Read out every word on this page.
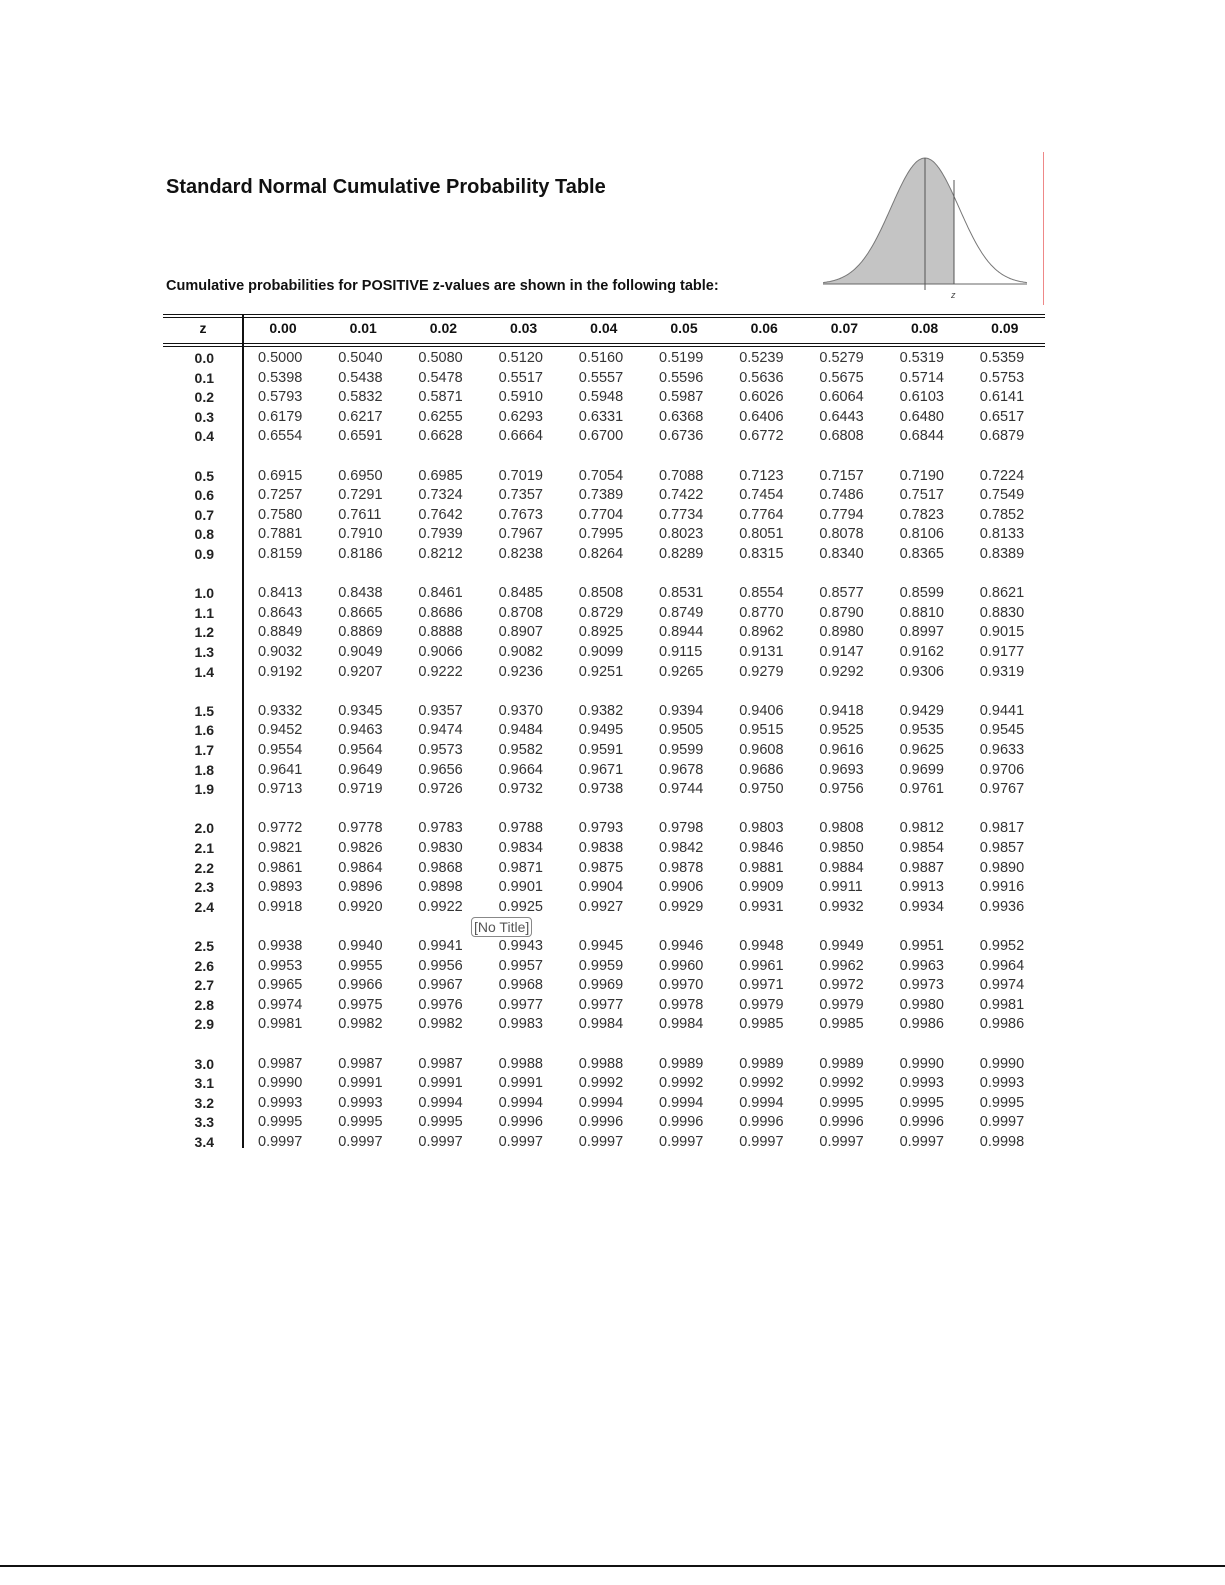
Standard Normal Cumulative Probability Table
Cumulative probabilities for POSITIVE z-values are shown in the following table:
z
z	0.00	0.01	0.02	0.03	0.04	0.05	0.06	0.07	0.08	0.09
0.0	0.5000 0.5040 0.5080 0.5120 0.5160 0.5199 0.5239 0.5279 0.5319 0.5359
0.1	0.5398 0.5438 0.5478 0.5517 0.5557 0.5596 0.5636 0.5675 0.5714 0.5753
0.2	0.5793 0.5832 0.5871 0.5910 0.5948 0.5987 0.6026 0.6064 0.6103 0.6141
0.3	0.6179 0.6217 0.6255 0.6293 0.6331 0.6368 0.6406 0.6443 0.6480 0.6517
0.4	0.6554 0.6591 0.6628 0.6664 0.6700 0.6736 0.6772 0.6808 0.6844 0.6879
0.5	0.6915 0.6950 0.6985 0.7019 0.7054 0.7088 0.7123 0.7157 0.7190 0.7224
0.6	0.7257 0.7291 0.7324 0.7357 0.7389 0.7422 0.7454 0.7486 0.7517 0.7549
0.7	0.7580 0.7611	0.7642 0.7673 0.7704 0.7734 0.7764 0.7794 0.7823 0.7852
0.8	0.7881 0.7910 0.7939 0.7967 0.7995 0.8023 0.8051 0.8078 0.8106 0.8133
0.9	0.8159 0.8186 0.8212 0.8238 0.8264 0.8289 0.8315 0.8340 0.8365 0.8389
1.0	0.8413 0.8438 0.8461 0.8485 0.8508 0.8531 0.8554 0.8577 0.8599 0.8621
1.1	0.8643 0.8665 0.8686 0.8708 0.8729 0.8749 0.8770 0.8790 0.8810 0.8830
1.2	0.8849 0.8869 0.8888 0.8907 0.8925 0.8944 0.8962 0.8980 0.8997 0.9015
1.3	0.9032 0.9049 0.9066 0.9082 0.9099 0.9115	0.9131 0.9147 0.9162 0.9177
1.4	0.9192 0.9207 0.9222 0.9236 0.9251 0.9265 0.9279 0.9292 0.9306 0.9319
1.5	0.9332 0.9345 0.9357 0.9370 0.9382 0.9394 0.9406 0.9418 0.9429 0.9441
1.6	0.9452 0.9463 0.9474 0.9484 0.9495 0.9505 0.9515 0.9525 0.9535 0.9545
1.7	0.9554 0.9564 0.9573 0.9582 0.9591 0.9599 0.9608 0.9616 0.9625 0.9633
1.8	0.9641 0.9649 0.9656 0.9664 0.9671 0.9678 0.9686 0.9693 0.9699 0.9706
1.9	0.9713 0.9719 0.9726 0.9732 0.9738 0.9744 0.9750 0.9756 0.9761 0.9767
2.0	0.9772 0.9778 0.9783 0.9788 0.9793 0.9798 0.9803 0.9808 0.9812 0.9817
2.1	0.9821 0.9826 0.9830 0.9834 0.9838 0.9842 0.9846 0.9850 0.9854 0.9857
2.2	0.9861 0.9864 0.9868 0.9871 0.9875 0.9878 0.9881 0.9884 0.9887 0.9890
2.3	0.9893 0.9896 0.9898 0.9901 0.9904 0.9906 0.9909 0.9911	0.9913 0.9916
2.4	0.9918 0.9920 0.9922 0.9925 0.9927 0.9929 0.9931 0.9932 0.9934 0.9936
2.5	0.9938 0.9940 0.9941 0.9943 0.9945 0.9946 0.9948 0.9949 0.9951 0.9952
2.6	0.9953 0.9955 0.9956 0.9957 0.9959 0.9960 0.9961 0.9962 0.9963 0.9964
2.7	0.9965 0.9966 0.9967 0.9968 0.9969 0.9970 0.9971 0.9972 0.9973 0.9974
2.8	0.9974 0.9975 0.9976 0.9977 0.9977 0.9978 0.9979 0.9979 0.9980 0.9981
2.9	0.9981 0.9982 0.9982 0.9983 0.9984 0.9984 0.9985 0.9985 0.9986 0.9986
3.0	0.9987 0.9987 0.9987 0.9988 0.9988 0.9989 0.9989 0.9989 0.9990 0.9990
3.1	0.9990 0.9991 0.9991 0.9991 0.9992 0.9992 0.9992 0.9992 0.9993 0.9993
3.2	0.9993 0.9993 0.9994 0.9994 0.9994 0.9994 0.9994 0.9995 0.9995 0.9995
3.3	0.9995 0.9995 0.9995 0.9996 0.9996 0.9996 0.9996 0.9996 0.9996 0.9997
3.4	0.9997 0.9997 0.9997 0.9997 0.9997 0.9997 0.9997 0.9997 0.9997 0.9998
[No Title]
